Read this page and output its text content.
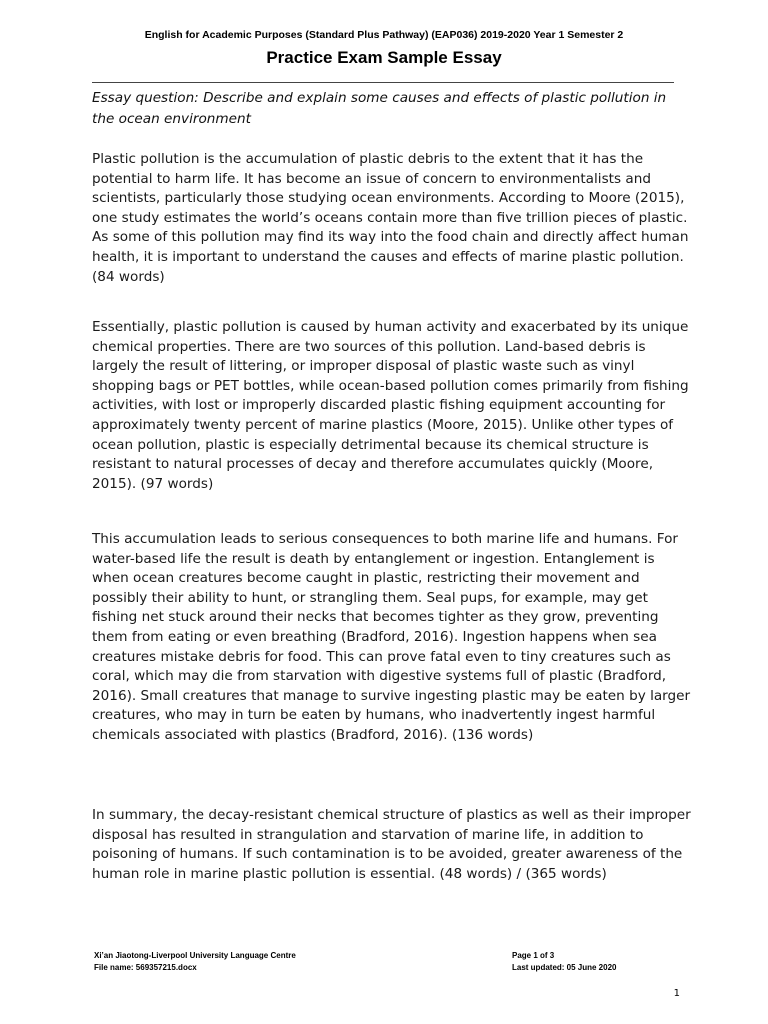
English for Academic Purposes (Standard Plus Pathway) (EAP036) 2019-2020 Year 1 Semester 2
Practice Exam Sample Essay
Essay question: Describe and explain some causes and effects of plastic pollution in the ocean environment

Plastic pollution is the accumulation of plastic debris to the extent that it has the potential to harm life. It has become an issue of concern to environmentalists and scientists, particularly those studying ocean environments. According to Moore (2015), one study estimates the world’s oceans contain more than five trillion pieces of plastic. As some of this pollution may find its way into the food chain and directly affect human health, it is important to understand the causes and effects of marine plastic pollution. (84 words)

Essentially, plastic pollution is caused by human activity and exacerbated by its unique chemical properties. There are two sources of this pollution. Land-based debris is largely the result of littering, or improper disposal of plastic waste such as vinyl shopping bags or PET bottles, while ocean-based pollution comes primarily from fishing activities, with lost or improperly discarded plastic fishing equipment accounting for approximately twenty percent of marine plastics (Moore, 2015). Unlike other types of ocean pollution, plastic is especially detrimental because its chemical structure is resistant to natural processes of decay and therefore accumulates quickly (Moore, 2015). (97 words)

This accumulation leads to serious consequences to both marine life and humans. For water-based life the result is death by entanglement or ingestion. Entanglement is when ocean creatures become caught in plastic, restricting their movement and possibly their ability to hunt, or strangling them. Seal pups, for example, may get fishing net stuck around their necks that becomes tighter as they grow, preventing them from eating or even breathing (Bradford, 2016). Ingestion happens when sea creatures mistake debris for food. This can prove fatal even to tiny creatures such as coral, which may die from starvation with digestive systems full of plastic (Bradford, 2016). Small creatures that manage to survive ingesting plastic may be eaten by larger creatures, who may in turn be eaten by humans, who inadvertently ingest harmful chemicals associated with plastics (Bradford, 2016). (136 words)

In summary, the decay-resistant chemical structure of plastics as well as their improper disposal has resulted in strangulation and starvation of marine life, in addition to poisoning of humans. If such contamination is to be avoided, greater awareness of the human role in marine plastic pollution is essential. (48 words) / (365 words)

Xi’an Jiaotong-Liverpool University Language Centre
File name: 569357215.docx
Page 1 of 3
Last updated: 05 June 2020
1
